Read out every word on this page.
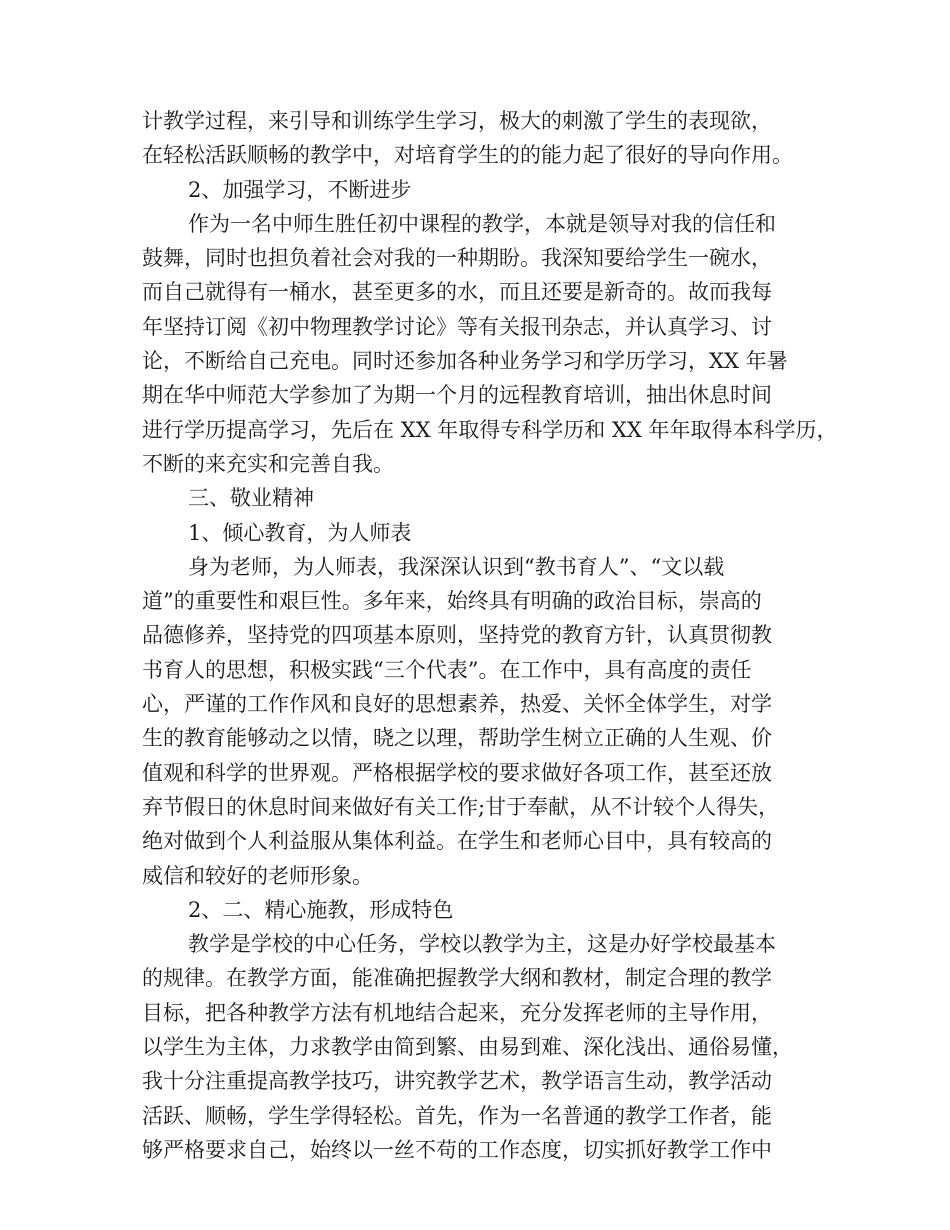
计教学过程，来引导和训练学生学习，极大的刺激了学生的表现欲，
在轻松活跃顺畅的教学中，对培育学生的的能力起了很好的导向作用。
2、加强学习，不断进步
作为一名中师生胜任初中课程的教学，本就是领导对我的信任和
鼓舞，同时也担负着社会对我的一种期盼。我深知要给学生一碗水，
而自己就得有一桶水，甚至更多的水，而且还要是新奇的。故而我每
年坚持订阅《初中物理教学讨论》等有关报刊杂志，并认真学习、讨
论，不断给自己充电。同时还参加各种业务学习和学历学习，XX 年暑
期在华中师范大学参加了为期一个月的远程教育培训，抽出休息时间
进行学历提高学习，先后在 XX 年取得专科学历和 XX 年年取得本科学历，
不断的来充实和完善自我。
三、敬业精神
1、倾心教育，为人师表
身为老师，为人师表，我深深认识到“教书育人”、“文以载
道”的重要性和艰巨性。多年来，始终具有明确的政治目标，崇高的
品德修养，坚持党的四项基本原则，坚持党的教育方针，认真贯彻教
书育人的思想，积极实践“三个代表”。在工作中，具有高度的责任
心，严谨的工作作风和良好的思想素养，热爱、关怀全体学生，对学
生的教育能够动之以情，晓之以理，帮助学生树立正确的人生观、价
值观和科学的世界观。严格根据学校的要求做好各项工作，甚至还放
弃节假日的休息时间来做好有关工作;甘于奉献，从不计较个人得失，
绝对做到个人利益服从集体利益。在学生和老师心目中，具有较高的
威信和较好的老师形象。
2、二、精心施教，形成特色
教学是学校的中心任务，学校以教学为主，这是办好学校最基本
的规律。在教学方面，能准确把握教学大纲和教材，制定合理的教学
目标，把各种教学方法有机地结合起来，充分发挥老师的主导作用，
以学生为主体，力求教学由简到繁、由易到难、深化浅出、通俗易懂，
我十分注重提高教学技巧，讲究教学艺术，教学语言生动，教学活动
活跃、顺畅，学生学得轻松。首先，作为一名普通的教学工作者，能
够严格要求自己，始终以一丝不苟的工作态度，切实抓好教学工作中
